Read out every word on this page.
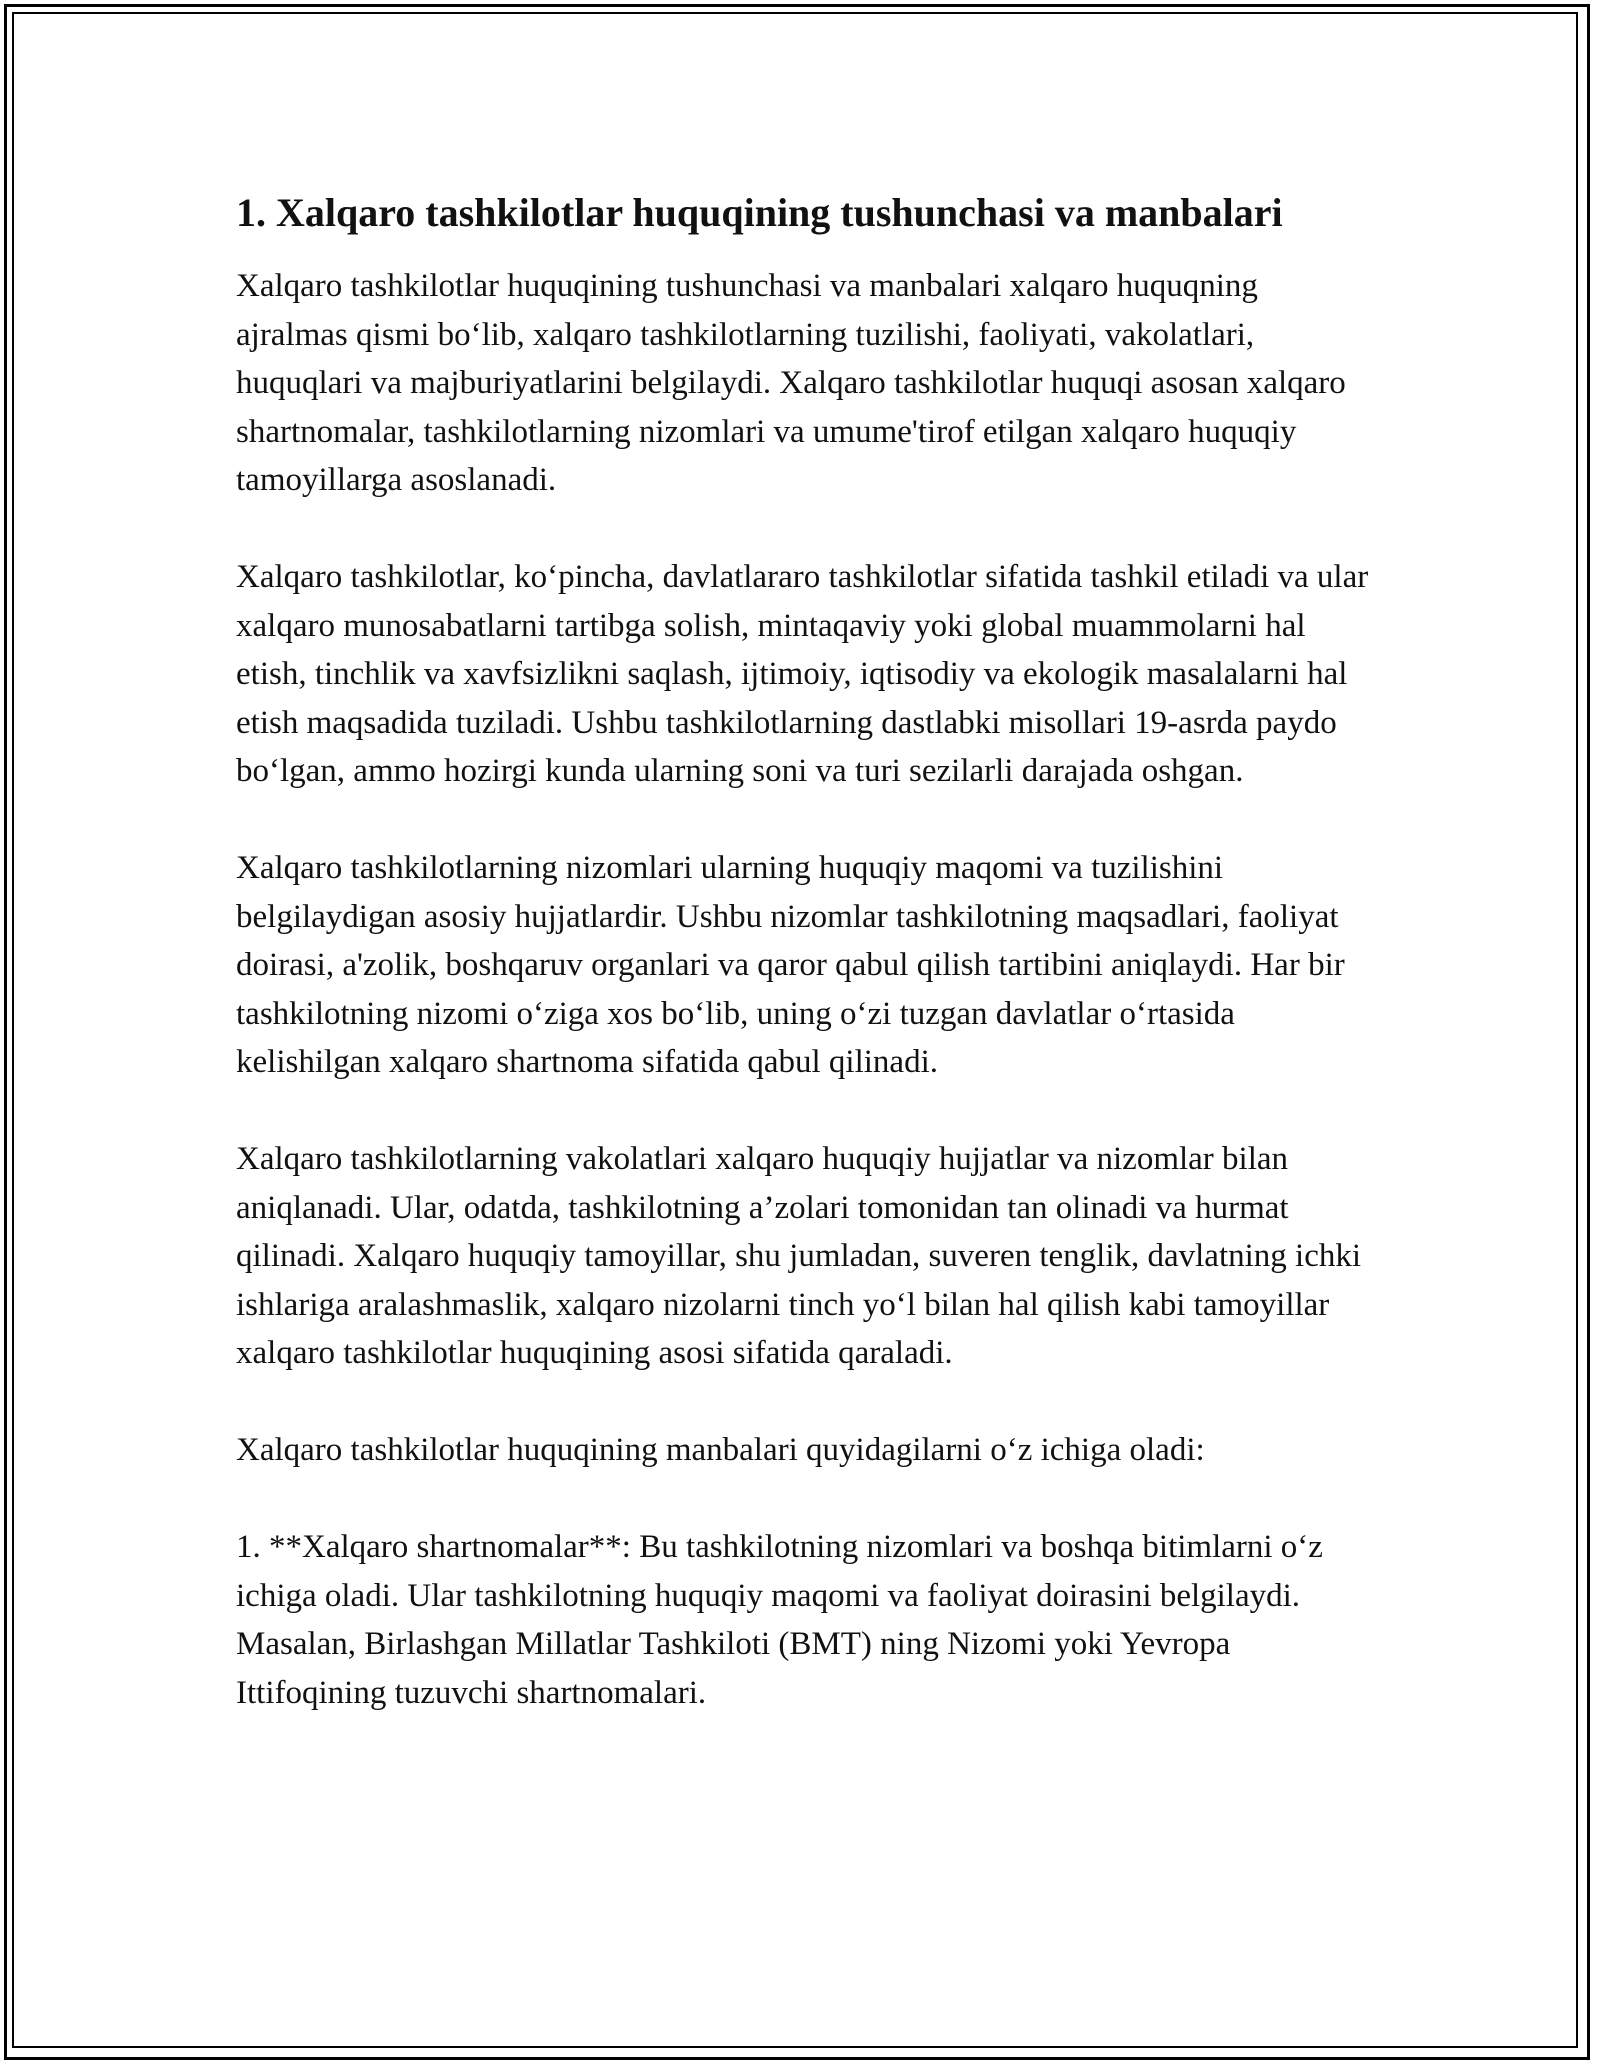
1. Xalqaro tashkilotlar huquqining tushunchasi va manbalari

Xalqaro tashkilotlar huquqining tushunchasi va manbalari xalqaro huquqning ajralmas qismi boʻlib, xalqaro tashkilotlarning tuzilishi, faoliyati, vakolatlari, huquqlari va majburiyatlarini belgilaydi. Xalqaro tashkilotlar huquqi asosan xalqaro shartnomalar, tashkilotlarning nizomlari va umume'tirof etilgan xalqaro huquqiy tamoyillarga asoslanadi.

Xalqaro tashkilotlar, koʻpincha, davlatlararo tashkilotlar sifatida tashkil etiladi va ular xalqaro munosabatlarni tartibga solish, mintaqaviy yoki global muammolarni hal etish, tinchlik va xavfsizlikni saqlash, ijtimoiy, iqtisodiy va ekologik masalalarni hal etish maqsadida tuziladi. Ushbu tashkilotlarning dastlabki misollari 19-asrda paydo boʻlgan, ammo hozirgi kunda ularning soni va turi sezilarli darajada oshgan.

Xalqaro tashkilotlarning nizomlari ularning huquqiy maqomi va tuzilishini belgilaydigan asosiy hujjatlardir. Ushbu nizomlar tashkilotning maqsadlari, faoliyat doirasi, a'zolik, boshqaruv organlari va qaror qabul qilish tartibini aniqlaydi. Har bir tashkilotning nizomi oʻziga xos boʻlib, uning oʻzi tuzgan davlatlar oʻrtasida kelishilgan xalqaro shartnoma sifatida qabul qilinadi.

Xalqaro tashkilotlarning vakolatlari xalqaro huquqiy hujjatlar va nizomlar bilan aniqlanadi. Ular, odatda, tashkilotning a’zolari tomonidan tan olinadi va hurmat qilinadi. Xalqaro huquqiy tamoyillar, shu jumladan, suveren tenglik, davlatning ichki ishlariga aralashmaslik, xalqaro nizolarni tinch yoʻl bilan hal qilish kabi tamoyillar xalqaro tashkilotlar huquqining asosi sifatida qaraladi.

Xalqaro tashkilotlar huquqining manbalari quyidagilarni oʻz ichiga oladi:

1. **Xalqaro shartnomalar**: Bu tashkilotning nizomlari va boshqa bitimlarni oʻz ichiga oladi. Ular tashkilotning huquqiy maqomi va faoliyat doirasini belgilaydi. Masalan, Birlashgan Millatlar Tashkiloti (BMT) ning Nizomi yoki Yevropa Ittifoqining tuzuvchi shartnomalari.
